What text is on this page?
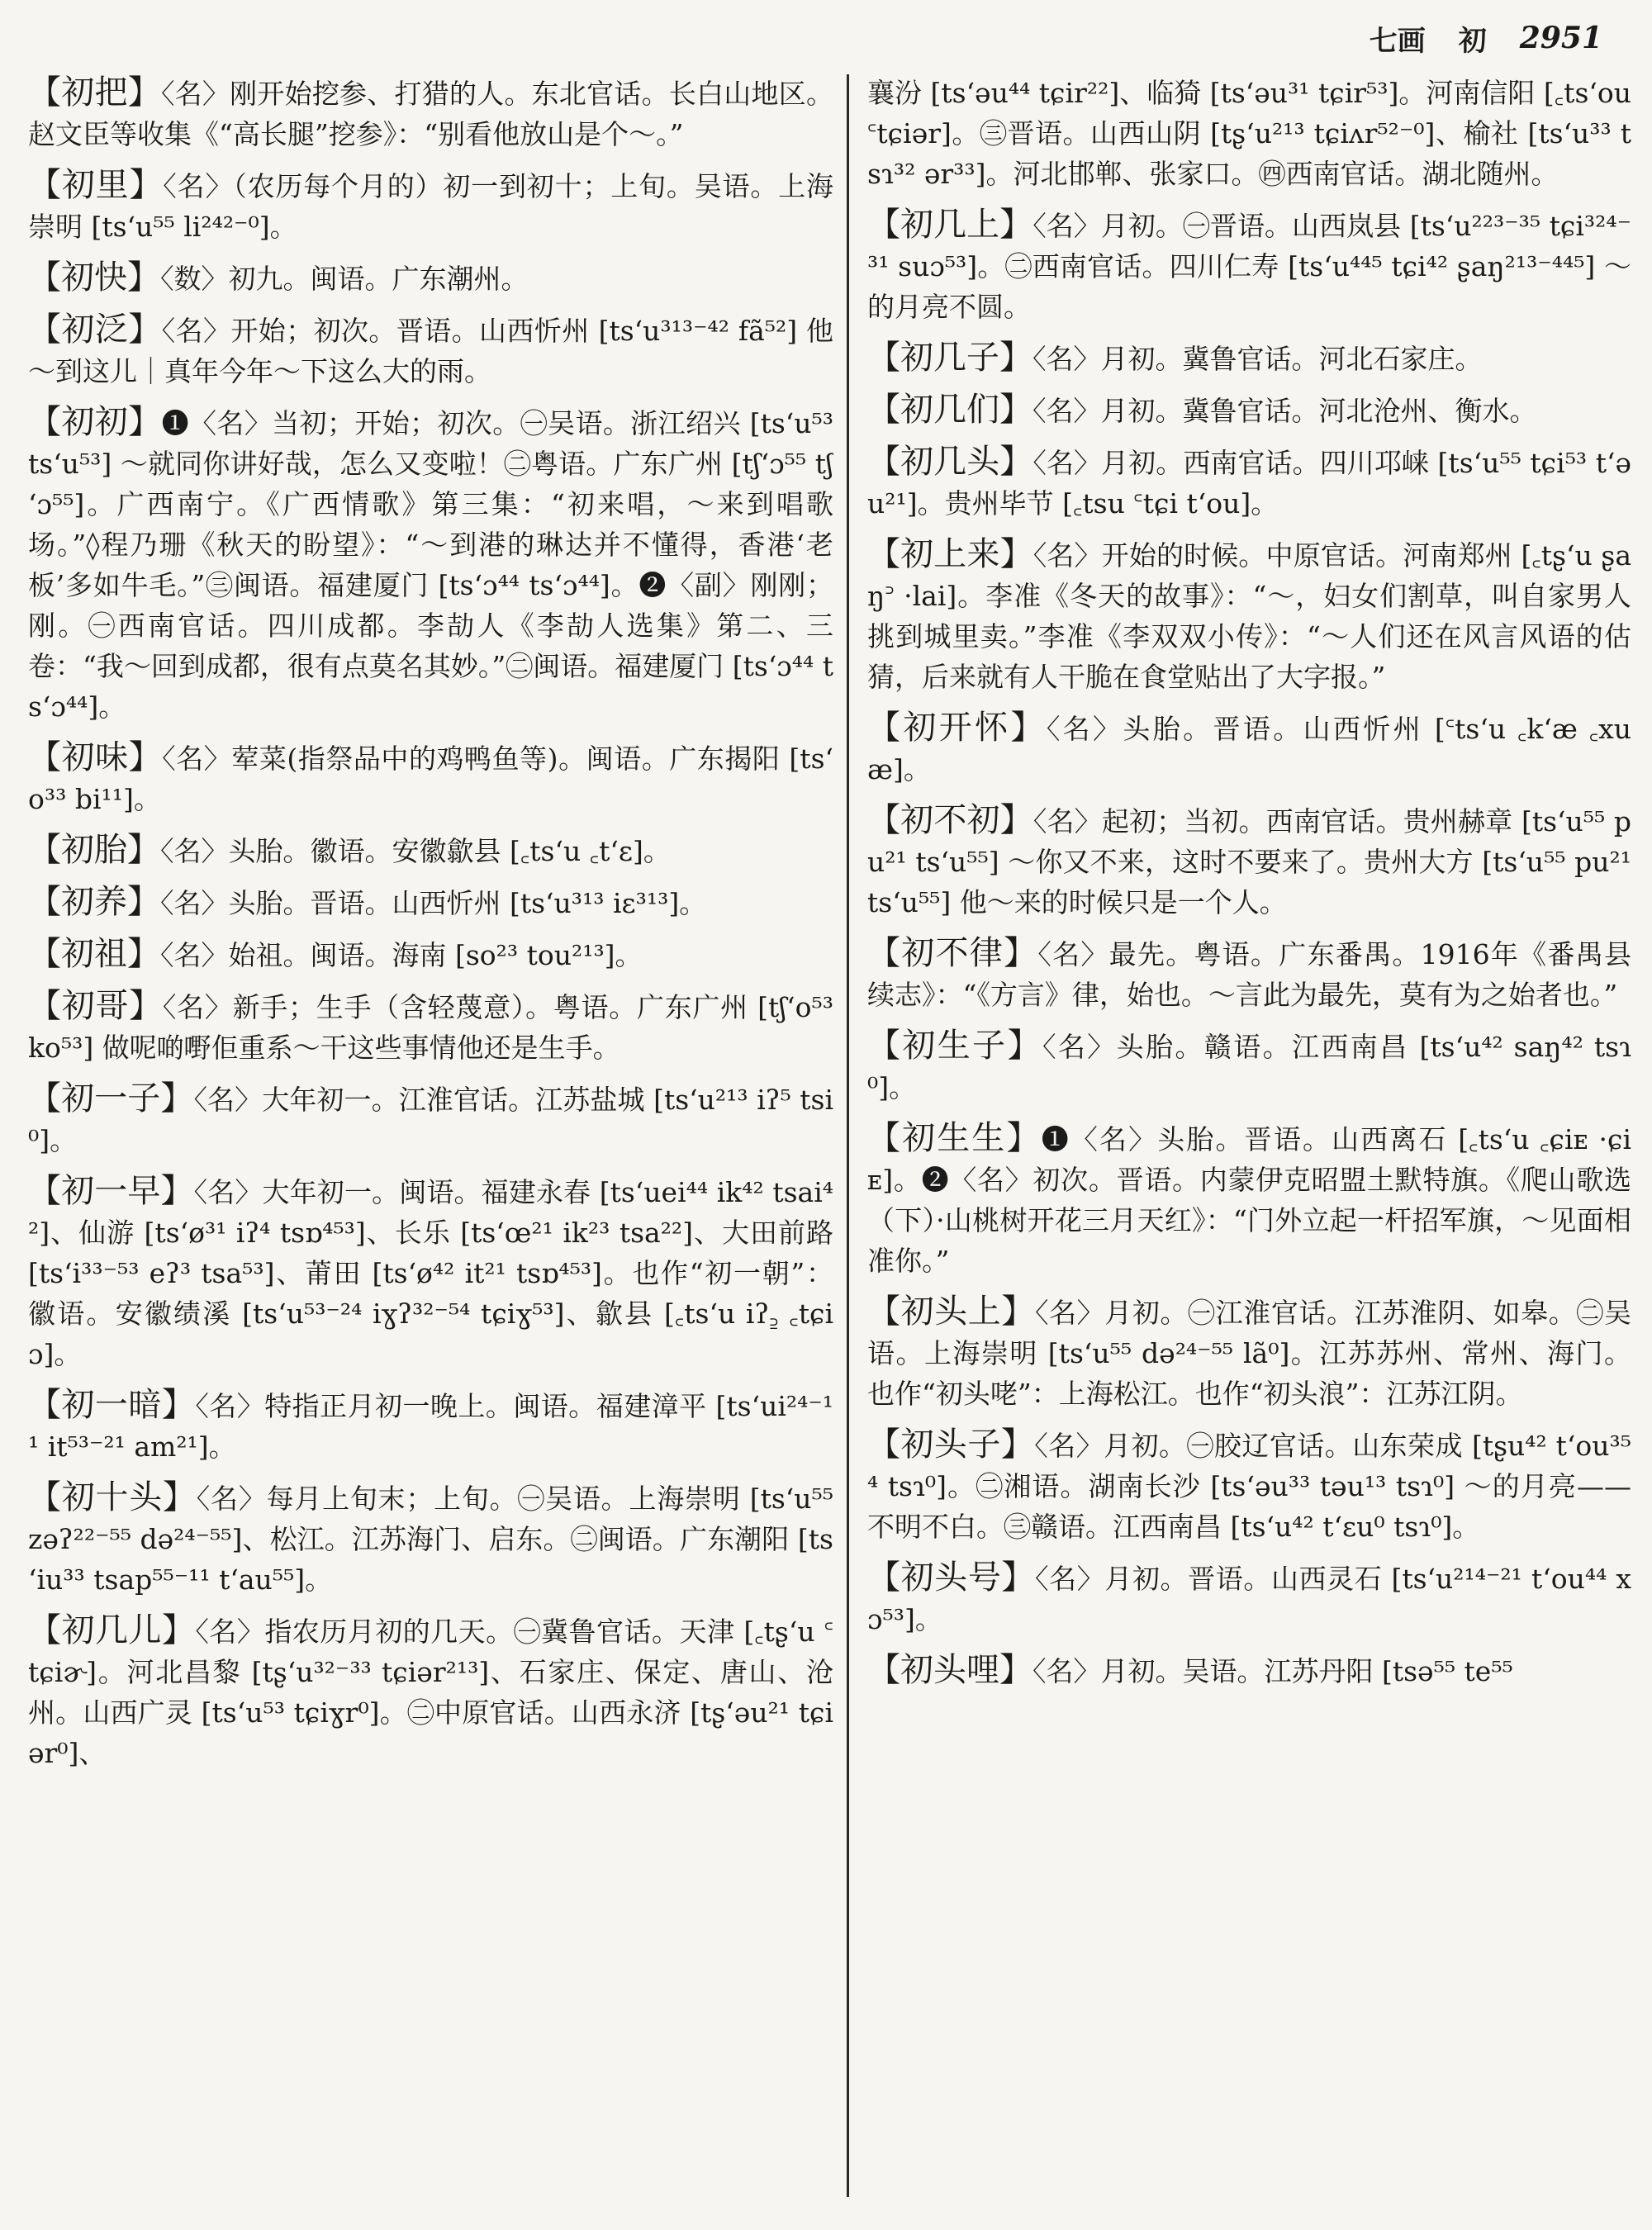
七画 初 2951
【初把】〈名〉刚开始挖参、打猎的人。东北官话。长白山地区。赵文臣等收集《“高长腿”挖参》：“别看他放山是个～。”
【初里】〈名〉（农历每个月的）初一到初十；上旬。吴语。上海崇明 [tsʻu⁵⁵ li²⁴²⁻⁰]。
【初快】〈数〉初九。闽语。广东潮州。
【初泛】〈名〉开始；初次。晋语。山西忻州 [tsʻu³¹³⁻⁴² fã⁵²] 他～到这儿｜真年今年～下这么大的雨。
【初初】❶〈名〉当初；开始；初次。㊀吴语。浙江绍兴 [tsʻu⁵³ tsʻu⁵³] ～就同你讲好哉，怎么又变啦！㊁粤语。广东广州 [tʃʻɔ⁵⁵ tʃʻɔ⁵⁵]。广西南宁。《广西情歌》第三集：“初来唱，～来到唱歌场。”◊程乃珊《秋天的盼望》：“～到港的琳达并不懂得，香港‘老板’多如牛毛。”㊂闽语。福建厦门 [tsʻɔ⁴⁴ tsʻɔ⁴⁴]。❷〈副〉刚刚；刚。㊀西南官话。四川成都。李劼人《李劼人选集》第二、三卷：“我～回到成都，很有点莫名其妙。”㊁闽语。福建厦门 [tsʻɔ⁴⁴ tsʻɔ⁴⁴]。
【初味】〈名〉荤菜(指祭品中的鸡鸭鱼等)。闽语。广东揭阳 [tsʻo³³ bi¹¹]。
【初胎】〈名〉头胎。徽语。安徽歙县 [꜀tsʻu ꜀tʻɛ]。
【初养】〈名〉头胎。晋语。山西忻州 [tsʻu³¹³ iɛ³¹³]。
【初祖】〈名〉始祖。闽语。海南 [so²³ tou²¹³]。
【初哥】〈名〉新手；生手（含轻蔑意）。粤语。广东广州 [tʃʻo⁵³ ko⁵³] 做呢啲嘢佢重系～干这些事情他还是生手。
【初一子】〈名〉大年初一。江淮官话。江苏盐城 [tsʻu²¹³ iʔ⁵ tsi⁰]。
【初一早】〈名〉大年初一。闽语。福建永春 [tsʻuei⁴⁴ ik⁴² tsai⁴²]、仙游 [tsʻø³¹ iʔ⁴ tsɒ⁴⁵³]、长乐 [tsʻœ²¹ ik²³ tsa²²]、大田前路 [tsʻi³³⁻⁵³ eʔ³ tsa⁵³]、莆田 [tsʻø⁴² it²¹ tsɒ⁴⁵³]。也作“初一朝”：徽语。安徽绩溪 [tsʻu⁵³⁻²⁴ iɣʔ³²⁻⁵⁴ tɕiɣ⁵³]、歙县 [꜀tsʻu iʔ꜇ ꜀tɕiɔ]。
【初一暗】〈名〉特指正月初一晚上。闽语。福建漳平 [tsʻui²⁴⁻¹¹ it⁵³⁻²¹ am²¹]。
【初十头】〈名〉每月上旬末；上旬。㊀吴语。上海崇明 [tsʻu⁵⁵ zəʔ²²⁻⁵⁵ də²⁴⁻⁵⁵]、松江。江苏海门、启东。㊁闽语。广东潮阳 [tsʻiu³³ tsap⁵⁵⁻¹¹ tʻau⁵⁵]。
【初几儿】〈名〉指农历月初的几天。㊀冀鲁官话。天津 [꜀tʂʻu ꜂tɕiɚ]。河北昌黎 [tʂʻu³²⁻³³ tɕiər²¹³]、石家庄、保定、唐山、沧州。山西广灵 [tsʻu⁵³ tɕiɣr⁰]。㊁中原官话。山西永济 [tʂʻəu²¹ tɕiər⁰]、
襄汾 [tsʻəu⁴⁴ tɕir²²]、临猗 [tsʻəu³¹ tɕir⁵³]。河南信阳 [꜀tsʻou ꜂tɕiər]。㊂晋语。山西山阴 [tʂʻu²¹³ tɕiʌr⁵²⁻⁰]、榆社 [tsʻu³³ tsɿ³² ər³³]。河北邯郸、张家口。㊃西南官话。湖北随州。
【初几上】〈名〉月初。㊀晋语。山西岚县 [tsʻu²²³⁻³⁵ tɕi³²⁴⁻³¹ suɔ⁵³]。㊁西南官话。四川仁寿 [tsʻu⁴⁴⁵ tɕi⁴² ʂaŋ²¹³⁻⁴⁴⁵] ～的月亮不圆。
【初几子】〈名〉月初。冀鲁官话。河北石家庄。
【初几们】〈名〉月初。冀鲁官话。河北沧州、衡水。
【初几头】〈名〉月初。西南官话。四川邛崃 [tsʻu⁵⁵ tɕi⁵³ tʻəu²¹]。贵州毕节 [꜀tsu ꜂tɕi tʻou]。
【初上来】〈名〉开始的时候。中原官话。河南郑州 [꜀tʂʻu ʂaŋ꜄ ·lai]。李准《冬天的故事》：“～，妇女们割草，叫自家男人挑到城里卖。”李准《李双双小传》：“～人们还在风言风语的估猜，后来就有人干脆在食堂贴出了大字报。”
【初开怀】〈名〉头胎。晋语。山西忻州 [꜂tsʻu ꜀kʻæ ꜀xuæ]。
【初不初】〈名〉起初；当初。西南官话。贵州赫章 [tsʻu⁵⁵ pu²¹ tsʻu⁵⁵] ～你又不来，这时不要来了。贵州大方 [tsʻu⁵⁵ pu²¹ tsʻu⁵⁵] 他～来的时候只是一个人。
【初不律】〈名〉最先。粤语。广东番禺。1916年《番禺县续志》：“《方言》律，始也。～言此为最先，莫有为之始者也。”
【初生子】〈名〉头胎。赣语。江西南昌 [tsʻu⁴² saŋ⁴² tsɿ⁰]。
【初生生】❶〈名〉头胎。晋语。山西离石 [꜀tsʻu ꜀ɕiᴇ ·ɕiᴇ]。❷〈名〉初次。晋语。内蒙伊克昭盟土默特旗。《爬山歌选（下）·山桃树开花三月天红》：“门外立起一杆招军旗，～见面相准你。”
【初头上】〈名〉月初。㊀江淮官话。江苏淮阴、如皋。㊁吴语。上海崇明 [tsʻu⁵⁵ də²⁴⁻⁵⁵ lã⁰]。江苏苏州、常州、海门。也作“初头咾”：上海松江。也作“初头浪”：江苏江阴。
【初头子】〈名〉月初。㊀胶辽官话。山东荣成 [tʂu⁴² tʻou³⁵⁴ tsɿ⁰]。㊁湘语。湖南长沙 [tsʻəu³³ təu¹³ tsɿ⁰] ～的月亮——不明不白。㊂赣语。江西南昌 [tsʻu⁴² tʻɛu⁰ tsɿ⁰]。
【初头号】〈名〉月初。晋语。山西灵石 [tsʻu²¹⁴⁻²¹ tʻou⁴⁴ xɔ⁵³]。
【初头哩】〈名〉月初。吴语。江苏丹阳 [tsə⁵⁵ te⁵⁵
